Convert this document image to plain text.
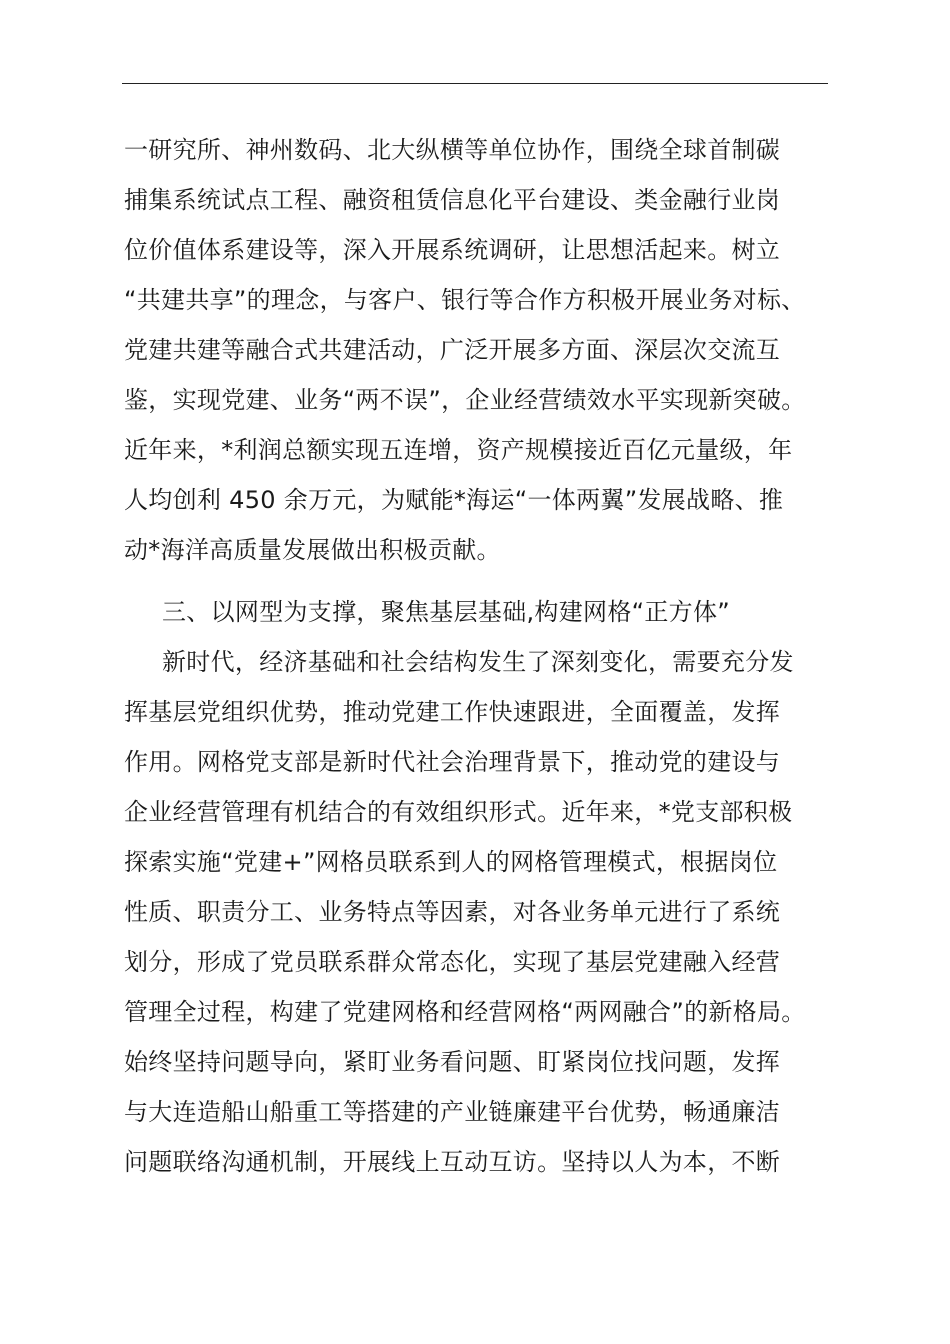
一研究所、神州数码、北大纵横等单位协作，围绕全球首制碳
捕集系统试点工程、融资租赁信息化平台建设、类金融行业岗
位价值体系建设等，深入开展系统调研，让思想活起来。树立
“共建共享”的理念，与客户、银行等合作方积极开展业务对标、
党建共建等融合式共建活动，广泛开展多方面、深层次交流互
鉴，实现党建、业务“两不误”，企业经营绩效水平实现新突破。
近年来，*利润总额实现五连增，资产规模接近百亿元量级，年
人均创利 450 余万元，为赋能*海运“一体两翼”发展战略、推
动*海洋高质量发展做出积极贡献。
三、以网型为支撑，聚焦基层基础,构建网格“正方体”
新时代，经济基础和社会结构发生了深刻变化，需要充分发
挥基层党组织优势，推动党建工作快速跟进，全面覆盖，发挥
作用。网格党支部是新时代社会治理背景下，推动党的建设与
企业经营管理有机结合的有效组织形式。近年来，*党支部积极
探索实施“党建+”网格员联系到人的网格管理模式，根据岗位
性质、职责分工、业务特点等因素，对各业务单元进行了系统
划分，形成了党员联系群众常态化，实现了基层党建融入经营
管理全过程，构建了党建网格和经营网格“两网融合”的新格局。
始终坚持问题导向，紧盯业务看问题、盯紧岗位找问题，发挥
与大连造船山船重工等搭建的产业链廉建平台优势，畅通廉洁
问题联络沟通机制，开展线上互动互访。坚持以人为本，不断
